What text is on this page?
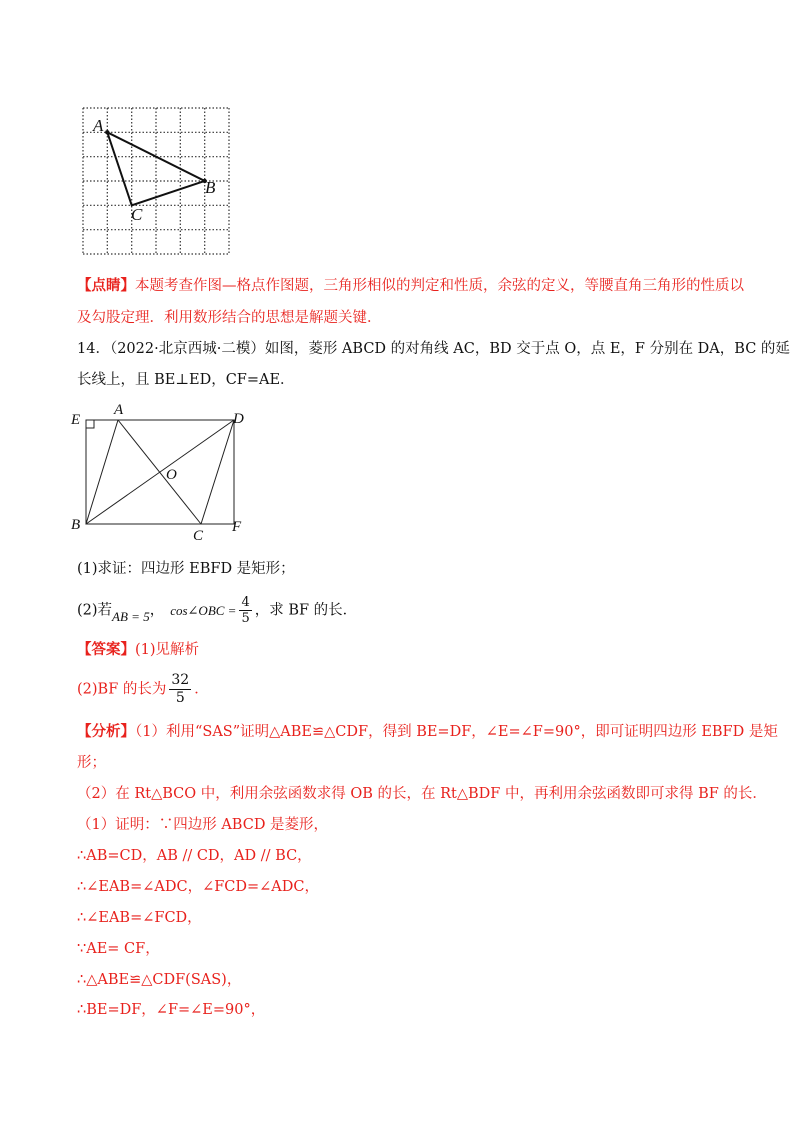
A
B
C
【点睛】本题考查作图—格点作图题，三角形相似的判定和性质，余弦的定义，等腰直角三角形的性质以
及勾股定理．利用数形结合的思想是解题关键．
14．（2022·北京西城·二模）如图，菱形 ABCD 的对角线 AC，BD 交于点 O，点 E，F 分别在 DA，BC 的延
长线上，且 BE⊥ED，CF=AE．
E
A
D
O
B
C
F
(1)求证：四边形 EBFD 是矩形；
(2)若AB = 5， cos∠OBC = $\frac{4}{5}$ ，求 BF 的长．
【答案】(1)见解析
(2)BF 的长为 $\frac{32}{5}$ ．
【分析】（1）利用“SAS”证明△ABE≌△CDF，得到 BE=DF，∠E=∠F=90°，即可证明四边形 EBFD 是矩
形；
（2）在 Rt△BCO 中，利用余弦函数求得 OB 的长，在 Rt△BDF 中，再利用余弦函数即可求得 BF 的长．
（1）证明：∵四边形 ABCD 是菱形，
∴AB=CD，AB // CD，AD // BC，
∴∠EAB=∠ADC，∠FCD=∠ADC，
∴∠EAB=∠FCD，
∵AE= CF，
∴△ABE≌△CDF(SAS)，
∴BE=DF，∠F=∠E=90°，
